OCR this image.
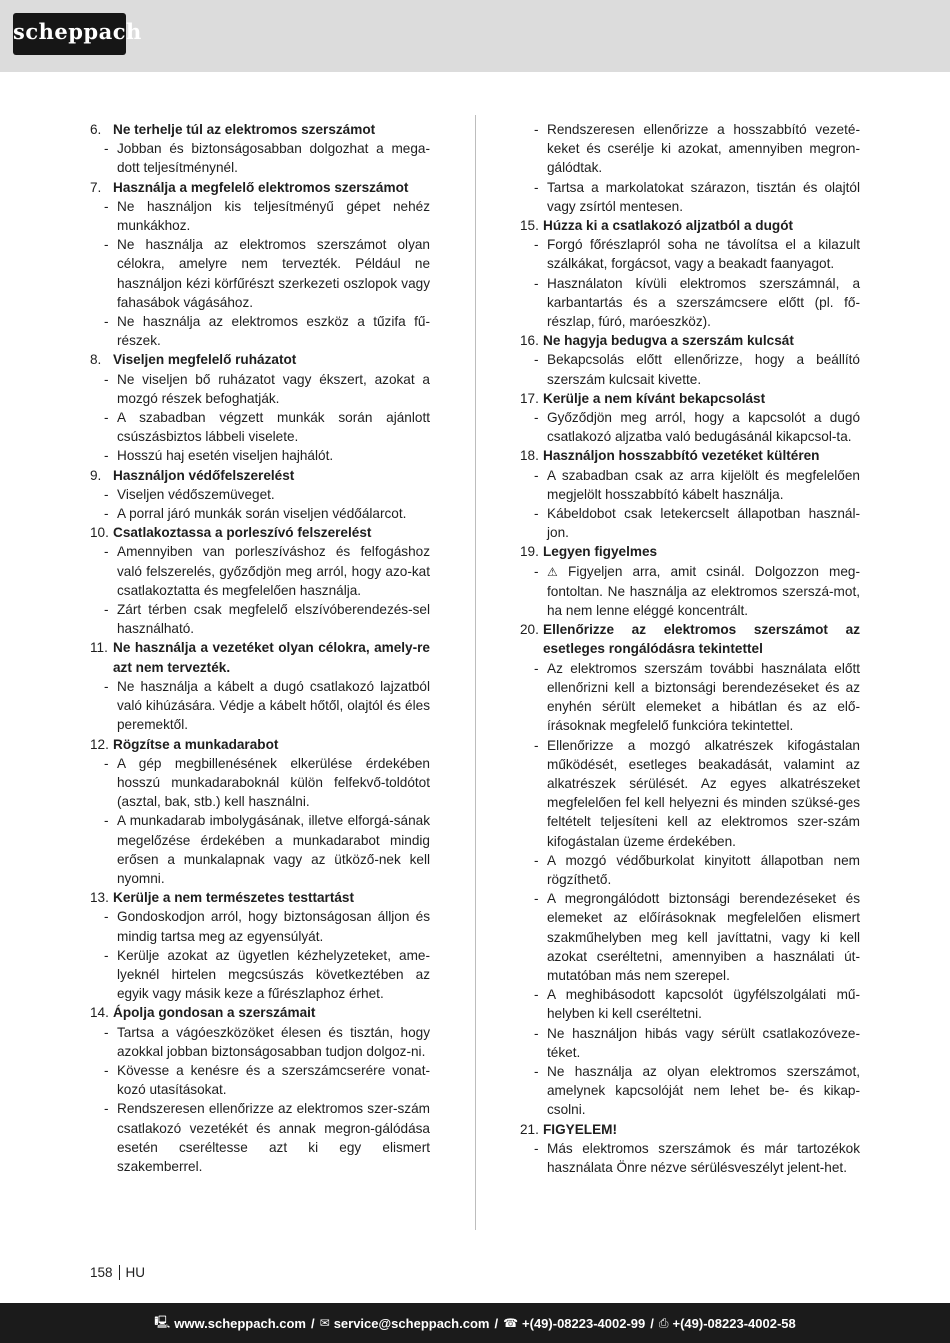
scheppach
6. Ne terhelje túl az elektromos szerszámot
- Jobban és biztonságosabban dolgozhat a mega-dott teljesítménynél.
7. Használja a megfelelő elektromos szerszámot
- Ne használjon kis teljesítményű gépet nehéz munkákhoz.
- Ne használja az elektromos szerszámot olyan célokra, amelyre nem tervezték. Például ne használjon kézi körfűrészt szerkezeti oszlopok vagy fahasábok vágásához.
- Ne használja az elektromos eszköz a tűzifa fű-részek.
8. Viseljen megfelelő ruházatot
- Ne viseljen bő ruházatot vagy ékszert, azokat a mozgó részek befoghatják.
- A szabadban végzett munkák során ajánlott csúszásbiztos lábbeli viselete.
- Hosszú haj esetén viseljen hajhálót.
9. Használjon védőfelszerelést
- Viseljen védőszemüveget.
- A porral járó munkák során viseljen védőálarcot.
10. Csatlakoztassa a porleszívó felszerelést
- Amennyiben van porleszíváshoz és felfogáshoz való felszerelés, győződjön meg arról, hogy azo-kat csatlakoztatta és megfelelően használja.
- Zárt térben csak megfelelő elszívóberendezés-sel használható.
11. Ne használja a vezetéket olyan célokra, amely-re azt nem tervezték.
- Ne használja a kábelt a dugó csatlakozó lajzatból való kihúzására. Védje a kábelt hőtől, olajtól és éles peremektől.
12. Rögzítse a munkadarabot
- A gép megbillenésének elkerülése érdekében hosszú munkadaraboknál külön felfekvő-toldótot (asztal, bak, stb.) kell használni.
- A munkadarab imbolygásának, illetve elforgá-sának megelőzése érdekében a munkadarabot mindig erősen a munkalapnak vagy az ütköző-nek kell nyomni.
13. Kerülje a nem természetes testtartást
- Gondoskodjon arról, hogy biztonságosan álljon és mindig tartsa meg az egyensúlyát.
- Kerülje azokat az ügyetlen kézhelyzeteket, ame-lyeknél hirtelen megcsúszás következtében az egyik vagy másik keze a fűrészlaphoz érhet.
14. Ápolja gondosan a szerszámait
- Tartsa a vágóeszközöket élesen és tisztán, hogy azokkal jobban biztonságosabban tudjon dolgoz-ni.
- Kövesse a kenésre és a szerszámcserére vonat-kozó utasításokat.
- Rendszeresen ellenőrizze az elektromos szer-szám csatlakozó vezetékét és annak megron-gálódása esetén cseréltesse azt ki egy elismert szakemberrel.
- Rendszeresen ellenőrizze a hosszabbító vezeté-keket és cserélje ki azokat, amennyiben megron-gálódtak.
- Tartsa a markolatokat szárazon, tisztán és olajtól vagy zsírtól mentesen.
15. Húzza ki a csatlakozó aljzatból a dugót
- Forgó főrészlapról soha ne távolítsa el a kilazult szálkákat, forgácsot, vagy a beakadt faanyagot.
- Használaton kívüli elektromos szerszámnál, a karbantartás és a szerszámcsere előtt (pl. fő-részlap, fúró, maróeszköz).
16. Ne hagyja bedugva a szerszám kulcsát
- Bekapcsolás előtt ellenőrizze, hogy a beállító szerszám kulcsait kivette.
17. Kerülje a nem kívánt bekapcsolást
- Győződjön meg arról, hogy a kapcsolót a dugó csatlakozó aljzatba való bedugásánál kikapcsol-ta.
18. Használjon hosszabbító vezetéket kültéren
- A szabadban csak az arra kijelölt és megfelelően megjelölt hosszabbító kábelt használja.
- Kábeldobot csak letekercselt állapotban használ-jon.
19. Legyen figyelmes
- ⚠ Figyeljen arra, amit csinál. Dolgozzon meg-fontoltan. Ne használja az elektromos szerszá-mot, ha nem lenne eléggé koncentrált.
20. Ellenőrizze az elektromos szerszámot az esetleges rongálódásra tekintettel
- Az elektromos szerszám további használata előtt ellenőrizni kell a biztonsági berendezéseket és az enyhén sérült elemeket a hibátlan és az elő-írásoknak megfelelő funkcióra tekintettel.
- Ellenőrizze a mozgó alkatrészek kifogástalan működését, esetleges beakadását, valamint az alkatrészek sérülését. Az egyes alkatrészeket megfelelően fel kell helyezni és minden szüksé-ges feltételt teljesíteni kell az elektromos szer-szám kifogástalan üzeme érdekében.
- A mozgó védőburkolat kinyitott állapotban nem rögzíthető.
- A megrongálódott biztonsági berendezéseket és elemeket az előírásoknak megfelelően elismert szakműhelyben meg kell javíttatni, vagy ki kell azokat cseréltetni, amennyiben a használati út-mutatóban más nem szerepel.
- A meghibásodott kapcsolót ügyfélszolgálati mű-helyben ki kell cseréltetni.
- Ne használjon hibás vagy sérült csatlakozóveze-téket.
- Ne használja az olyan elektromos szerszámot, amelynek kapcsolóját nem lehet be- és kikap-csolni.
21. FIGYELEM!
- Más elektromos szerszámok és már tartozékok használata Önre nézve sérülésveszélyt jelent-het.
158 HU
🖳 www.scheppach.com / ✉ service@scheppach.com / ☎ +(49)-08223-4002-99 / ⎙ +(49)-08223-4002-58
